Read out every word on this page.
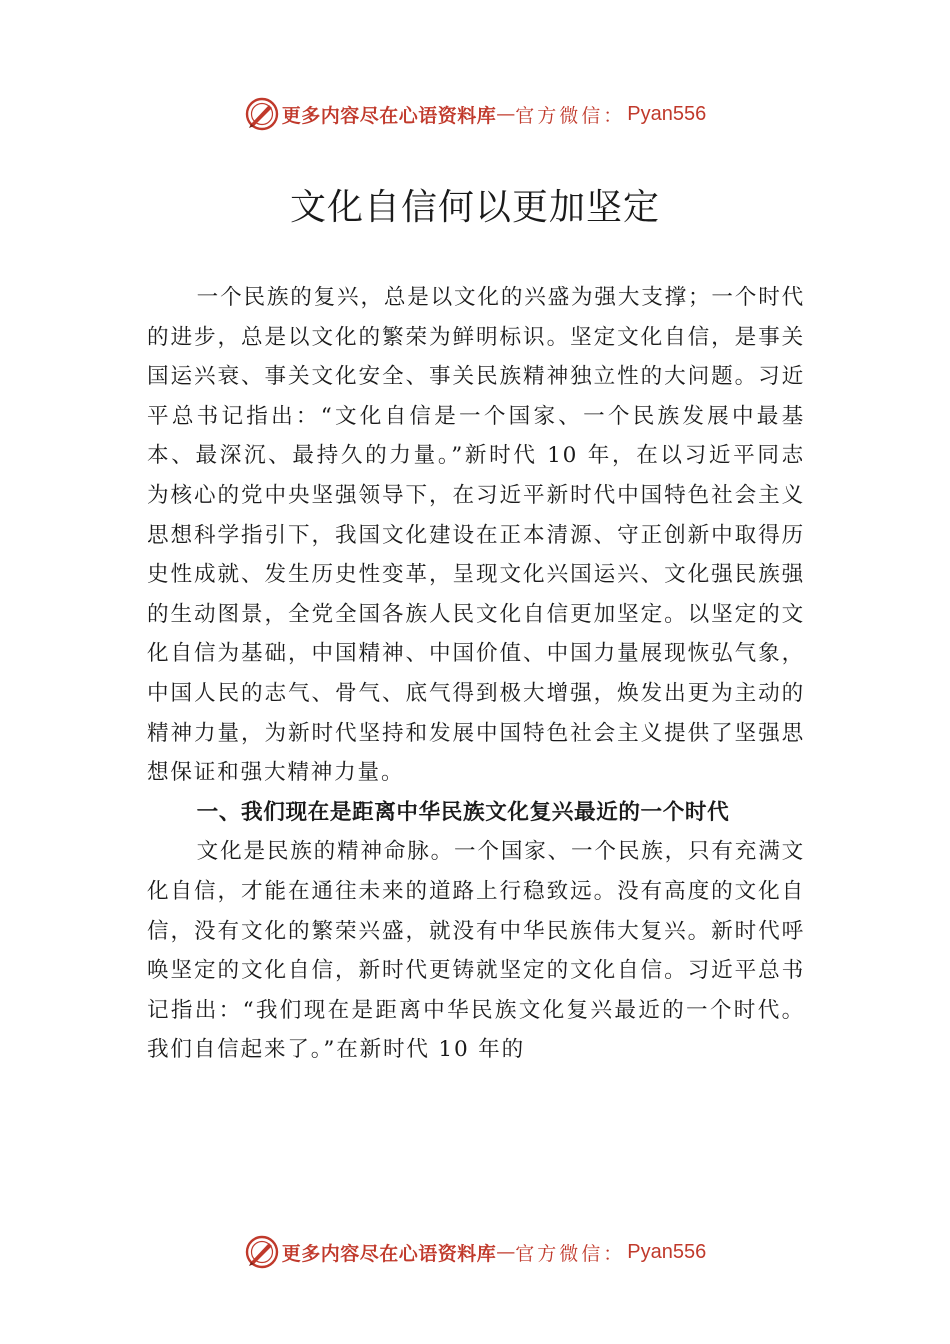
更多内容尽在心语资料库 — 官方微信： Pyan556
文化自信何以更加坚定

一个民族的复兴，总是以文化的兴盛为强大支撑；一个时代的进步，总是以文化的繁荣为鲜明标识。坚定文化自信，是事关国运兴衰、事关文化安全、事关民族精神独立性的大问题。习近平总书记指出：“文化自信是一个国家、一个民族发展中最基本、最深沉、最持久的力量。”新时代 10 年，在以习近平同志为核心的党中央坚强领导下，在习近平新时代中国特色社会主义思想科学指引下，我国文化建设在正本清源、守正创新中取得历史性成就、发生历史性变革，呈现文化兴国运兴、文化强民族强的生动图景，全党全国各族人民文化自信更加坚定。以坚定的文化自信为基础，中国精神、中国价值、中国力量展现恢弘气象，中国人民的志气、骨气、底气得到极大增强，焕发出更为主动的精神力量，为新时代坚持和发展中国特色社会主义提供了坚强思想保证和强大精神力量。

一、我们现在是距离中华民族文化复兴最近的一个时代

文化是民族的精神命脉。一个国家、一个民族，只有充满文化自信，才能在通往未来的道路上行稳致远。没有高度的文化自信，没有文化的繁荣兴盛，就没有中华民族伟大复兴。新时代呼唤坚定的文化自信，新时代更铸就坚定的文化自信。习近平总书记指出：“我们现在是距离中华民族文化复兴最近的一个时代。我们自信起来了。”在新时代 10 年的

更多内容尽在心语资料库 — 官方微信： Pyan556
